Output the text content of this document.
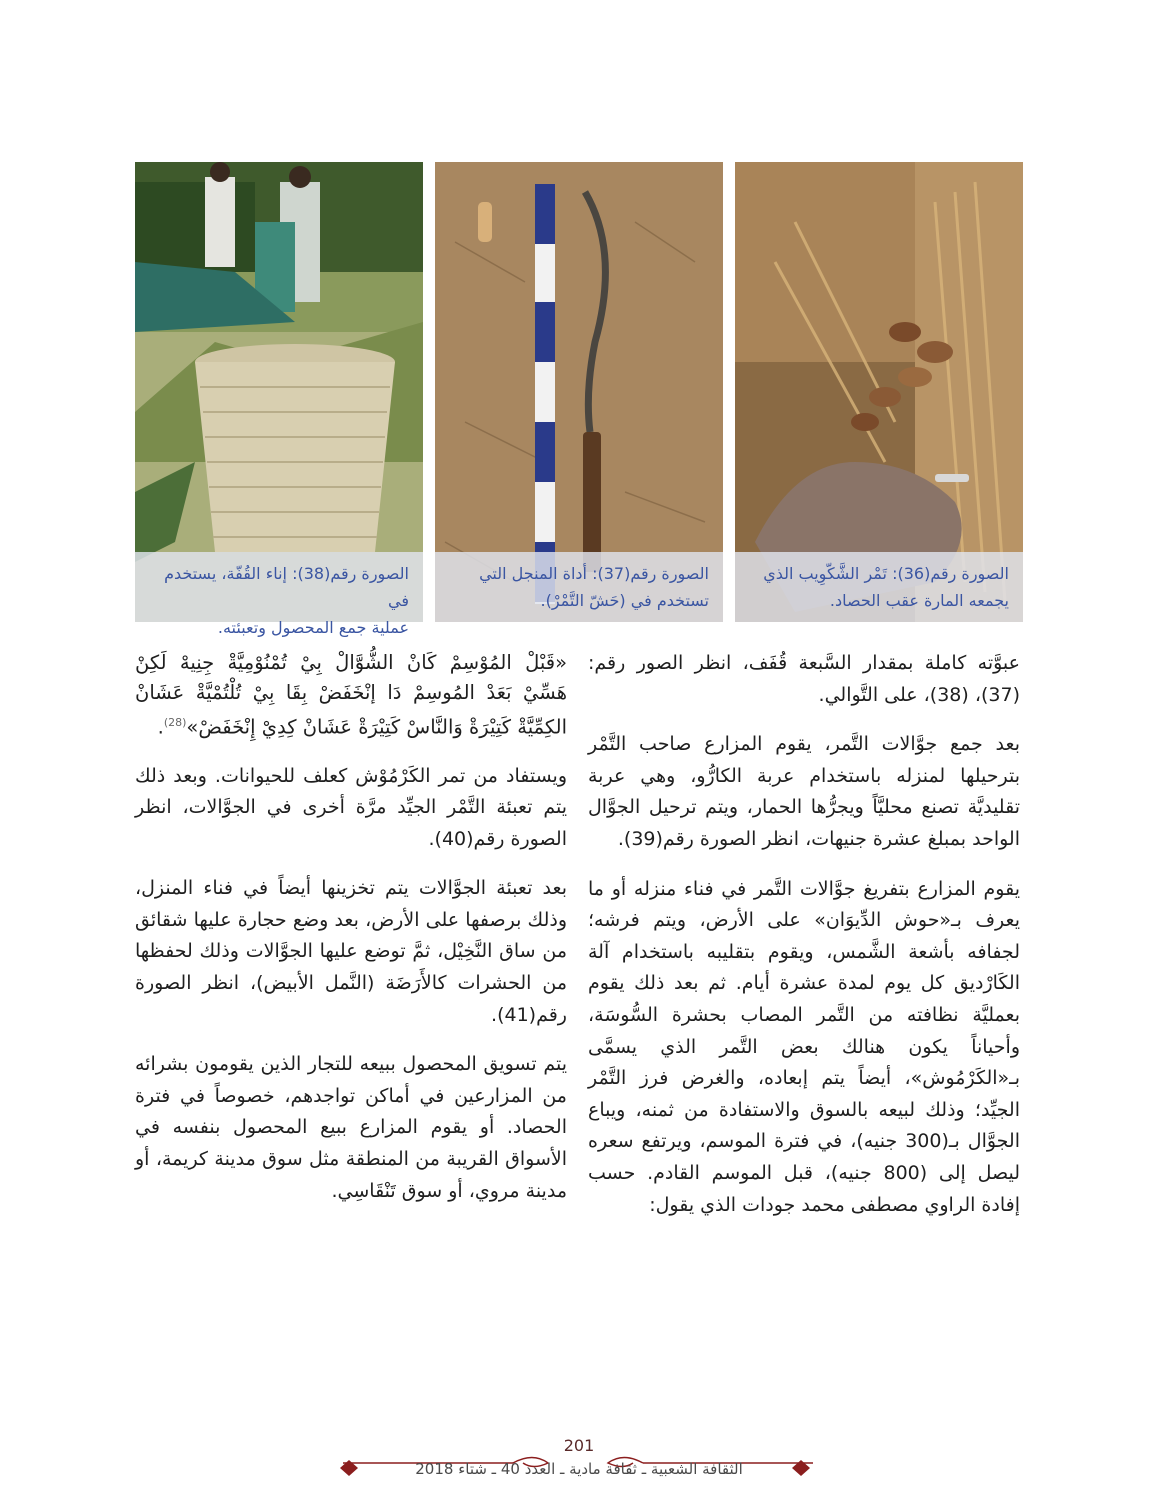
الصورة رقم(38): إناء القُفّة، يستخدم في
عملية جمع المحصول وتعبئته.
الصورة رقم(37): أداة المنجل التي
تستخدم في (حَشّ التَّمْرْ).
الصورة رقم(36): تَمْر الشَّكّوِيب الذي
يجمعه المارة عقب الحصاد.

عبوَّته كاملة بمقدار السَّبعة قُفَف، انظر الصور رقم: (37)، (38)، على التَّوالي.

بعد جمع جوَّالات التَّمر، يقوم المزارع صاحب التَّمْر بترحيلها لمنزله باستخدام عربة الكارُّو، وهي عربة تقليديَّة تصنع محليَّاً ويجرُّها الحمار، ويتم ترحيل الجوَّال الواحد بمبلغ عشرة جنيهات، انظر الصورة رقم(39).

يقوم المزارع بتفريغ جوَّالات التَّمر في فناء منزله أو ما يعرف بـ«حوش الدِّيوَان» على الأرض، ويتم فرشه؛ لجفافه بأشعة الشَّمس، ويقوم بتقليبه باستخدام آلة الكَارْديق كل يوم لمدة عشرة أيام. ثم بعد ذلك يقوم بعمليَّة نظافته من التَّمر المصاب بحشرة السُّوسَة، وأحياناً يكون هنالك بعض التَّمر الذي يسمَّى بـ«الكَرْمُوش»، أيضاً يتم إبعاده، والغرض فرز التَّمْر الجيِّد؛ وذلك لبيعه بالسوق والاستفادة من ثمنه، ويباع الجوَّال بـ(300 جنيه)، في فترة الموسم، ويرتفع سعره ليصل إلى (800 جنيه)، قبل الموسم القادم. حسب إفادة الراوي مصطفى محمد جودات الذي يقول:

«قَبْلْ المُوْسِمْ كَانْ الشُّوَّالْ بِيْ تُمْنُوْمِيَّةْ جِنِيهْ لَكِنْ هَسِّيْ بَعَدْ المُوسِمْ دَا إنْخَفَضْ بِقَا بِيْ تُلْتُمْيَّةْ عَشَانْ الكِمِّيَّةْ كَتِيْرَةْ وَالنَّاسْ كَتِيْرَةْ عَشَانْ كِدِيْ إِنْخَفَضْ»$^{(28)}$.

ويستفاد من تمر الكَرْمُوْش كعلف للحيوانات. وبعد ذلك يتم تعبئة التَّمْر الجيِّد مرَّة أخرى في الجوَّالات، انظر الصورة رقم(40).

بعد تعبئة الجوَّالات يتم تخزينها أيضاً في فناء المنزل، وذلك برصفها على الأرض، بعد وضع حجارة عليها شقائق من ساق النَّخِيْل، ثمَّ توضع عليها الجوَّالات وذلك لحفظها من الحشرات كالأَرَضَة (النَّمل الأبيض)، انظر الصورة رقم(41).

يتم تسويق المحصول ببيعه للتجار الذين يقومون بشرائه من المزارعين في أماكن تواجدهم، خصوصاً في فترة الحصاد. أو يقوم المزارع ببيع المحصول بنفسه في الأسواق القريبة من المنطقة مثل سوق مدينة كريمة، أو مدينة مروي، أو سوق تَنْقَاسِي.

201
الثقافة الشعبية ـ ثقافة مادية ـ العدد 40 ـ شتاء 2018
